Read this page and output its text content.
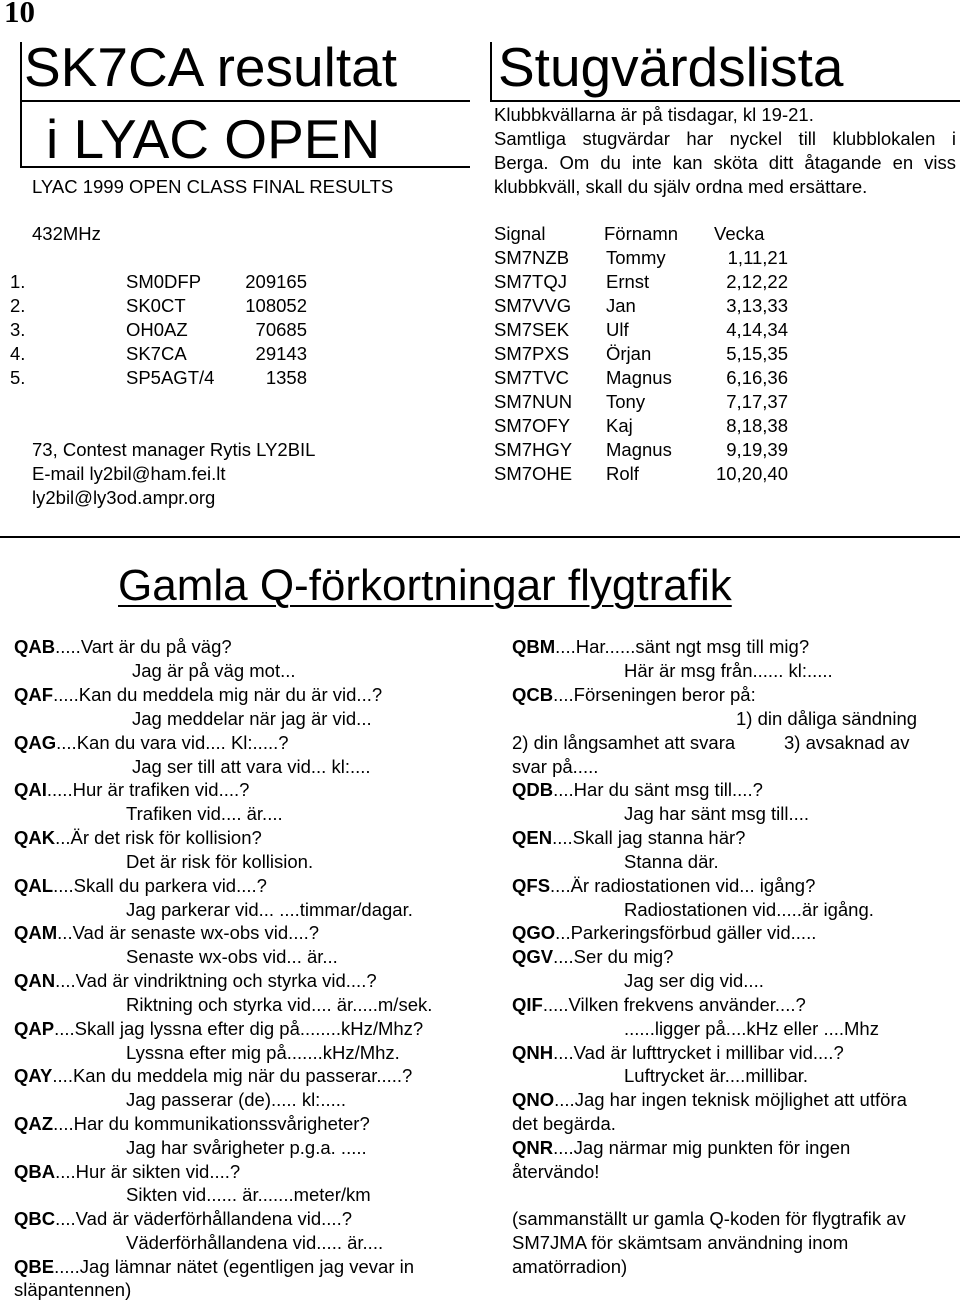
10
SK7CA resultat
i LYAC OPEN
LYAC 1999 OPEN CLASS FINAL RESULTS
Stugvärdslista
Klubbkvällarna är på tisdagar, kl 19-21.
Samtliga stugvärdar har nyckel till klubblokalen i
Berga. Om du inte kan sköta ditt åtagande en viss
klubbkväll, skall du själv ordna med ersättare.
432MHz
1.	SM0DFP	209165
2.	SK0CT	108052
3.	OH0AZ	70685
4.	SK7CA	29143
5.	SP5AGT/4	1358
73, Contest manager Rytis LY2BIL
E-mail ly2bil@ham.fei.lt
ly2bil@ly3od.ampr.org
Signal	Förnamn Vecka
SM7NZB Tommy	1,11,21
SM7TQJ Ernst	2,12,22
SM7VVG Jan	3,13,33
SM7SEK Ulf	4,14,34
SM7PXS Örjan	5,15,35
SM7TVC Magnus	6,16,36
SM7NUN Tony	7,17,37
SM7OFY Kaj	8,18,38
SM7HGY Magnus	9,19,39
SM7OHE Rolf	10,20,40
Gamla Q-förkortningar flygtrafik
QAB.....Vart är du på väg?
Jag är på väg mot...
QAF.....Kan du meddela mig när du är vid...?
Jag meddelar när jag är vid...
QAG....Kan du vara vid.... Kl:.....?
Jag ser till att vara vid... kl:....
QAI.....Hur är trafiken vid....?
Trafiken vid.... är....
QAK...Är det risk för kollision?
Det är risk för kollision.
QAL....Skall du parkera vid....?
Jag parkerar vid... ....timmar/dagar.
QAM...Vad är senaste wx-obs vid....?
Senaste wx-obs vid... är...
QAN....Vad är vindriktning och styrka vid....?
Riktning och styrka vid.... är.....m/sek.
QAP....Skall jag lyssna efter dig på........kHz/Mhz?
Lyssna efter mig på.......kHz/Mhz.
QAY....Kan du meddela mig när du passerar.....?
Jag passerar (de)..... kl:.....
QAZ....Har du kommunikationssvårigheter?
Jag har svårigheter p.g.a. .....
QBA....Hur är sikten vid....?
Sikten vid...... är.......meter/km
QBC....Vad är väderförhållandena vid....?
Väderförhållandena vid..... är....
QBE.....Jag lämnar nätet (egentligen jag vevar in
släpantennen)
QBM....Har......sänt ngt msg till mig?
Här är msg från...... kl:.....
QCB....Förseningen beror på:
1) din dåliga sändning
2) din långsamhet att svara	3) avsaknad av
svar på.....
QDB....Har du sänt msg till....?
Jag har sänt msg till....
QEN....Skall jag stanna här?
Stanna där.
QFS....Är radiostationen vid... igång?
Radiostationen vid.....är igång.
QGO...Parkeringsförbud gäller vid.....
QGV....Ser du mig?
Jag ser dig vid....
QIF.....Vilken frekvens använder....?
......ligger på....kHz eller ....Mhz
QNH....Vad är lufttrycket i millibar vid....?
Luftrycket är....millibar.
QNO....Jag har ingen teknisk möjlighet att utföra
det begärda.
QNR....Jag närmar mig punkten för ingen
återvändo!
(sammanställt ur gamla Q-koden för flygtrafik av
SM7JMA för skämtsam användning inom
amatörradion)
